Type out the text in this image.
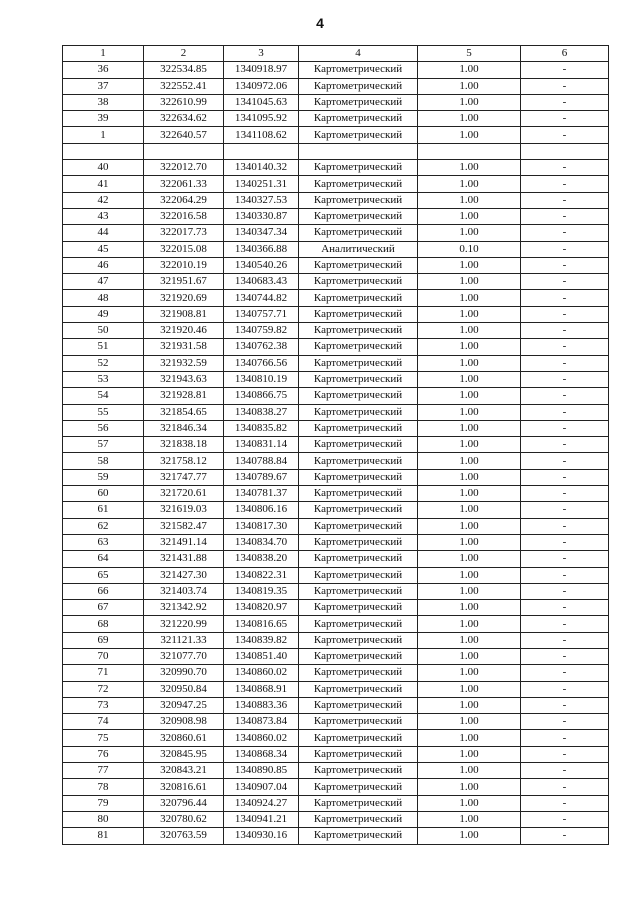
4
1	2	3	4	5	6
36	322534.85	1340918.97	Картометрический	1.00	-
37	322552.41	1340972.06	Картометрический	1.00	-
38	322610.99	1341045.63	Картометрический	1.00	-
39	322634.62	1341095.92	Картометрический	1.00	-
1	322640.57	1341108.62	Картометрический	1.00	-

40	322012.70	1340140.32	Картометрический	1.00	-
41	322061.33	1340251.31	Картометрический	1.00	-
42	322064.29	1340327.53	Картометрический	1.00	-
43	322016.58	1340330.87	Картометрический	1.00	-
44	322017.73	1340347.34	Картометрический	1.00	-
45	322015.08	1340366.88	Аналитический	0.10	-
46	322010.19	1340540.26	Картометрический	1.00	-
47	321951.67	1340683.43	Картометрический	1.00	-
48	321920.69	1340744.82	Картометрический	1.00	-
49	321908.81	1340757.71	Картометрический	1.00	-
50	321920.46	1340759.82	Картометрический	1.00	-
51	321931.58	1340762.38	Картометрический	1.00	-
52	321932.59	1340766.56	Картометрический	1.00	-
53	321943.63	1340810.19	Картометрический	1.00	-
54	321928.81	1340866.75	Картометрический	1.00	-
55	321854.65	1340838.27	Картометрический	1.00	-
56	321846.34	1340835.82	Картометрический	1.00	-
57	321838.18	1340831.14	Картометрический	1.00	-
58	321758.12	1340788.84	Картометрический	1.00	-
59	321747.77	1340789.67	Картометрический	1.00	-
60	321720.61	1340781.37	Картометрический	1.00	-
61	321619.03	1340806.16	Картометрический	1.00	-
62	321582.47	1340817.30	Картометрический	1.00	-
63	321491.14	1340834.70	Картометрический	1.00	-
64	321431.88	1340838.20	Картометрический	1.00	-
65	321427.30	1340822.31	Картометрический	1.00	-
66	321403.74	1340819.35	Картометрический	1.00	-
67	321342.92	1340820.97	Картометрический	1.00	-
68	321220.99	1340816.65	Картометрический	1.00	-
69	321121.33	1340839.82	Картометрический	1.00	-
70	321077.70	1340851.40	Картометрический	1.00	-
71	320990.70	1340860.02	Картометрический	1.00	-
72	320950.84	1340868.91	Картометрический	1.00	-
73	320947.25	1340883.36	Картометрический	1.00	-
74	320908.98	1340873.84	Картометрический	1.00	-
75	320860.61	1340860.02	Картометрический	1.00	-
76	320845.95	1340868.34	Картометрический	1.00	-
77	320843.21	1340890.85	Картометрический	1.00	-
78	320816.61	1340907.04	Картометрический	1.00	-
79	320796.44	1340924.27	Картометрический	1.00	-
80	320780.62	1340941.21	Картометрический	1.00	-
81	320763.59	1340930.16	Картометрический	1.00	-
